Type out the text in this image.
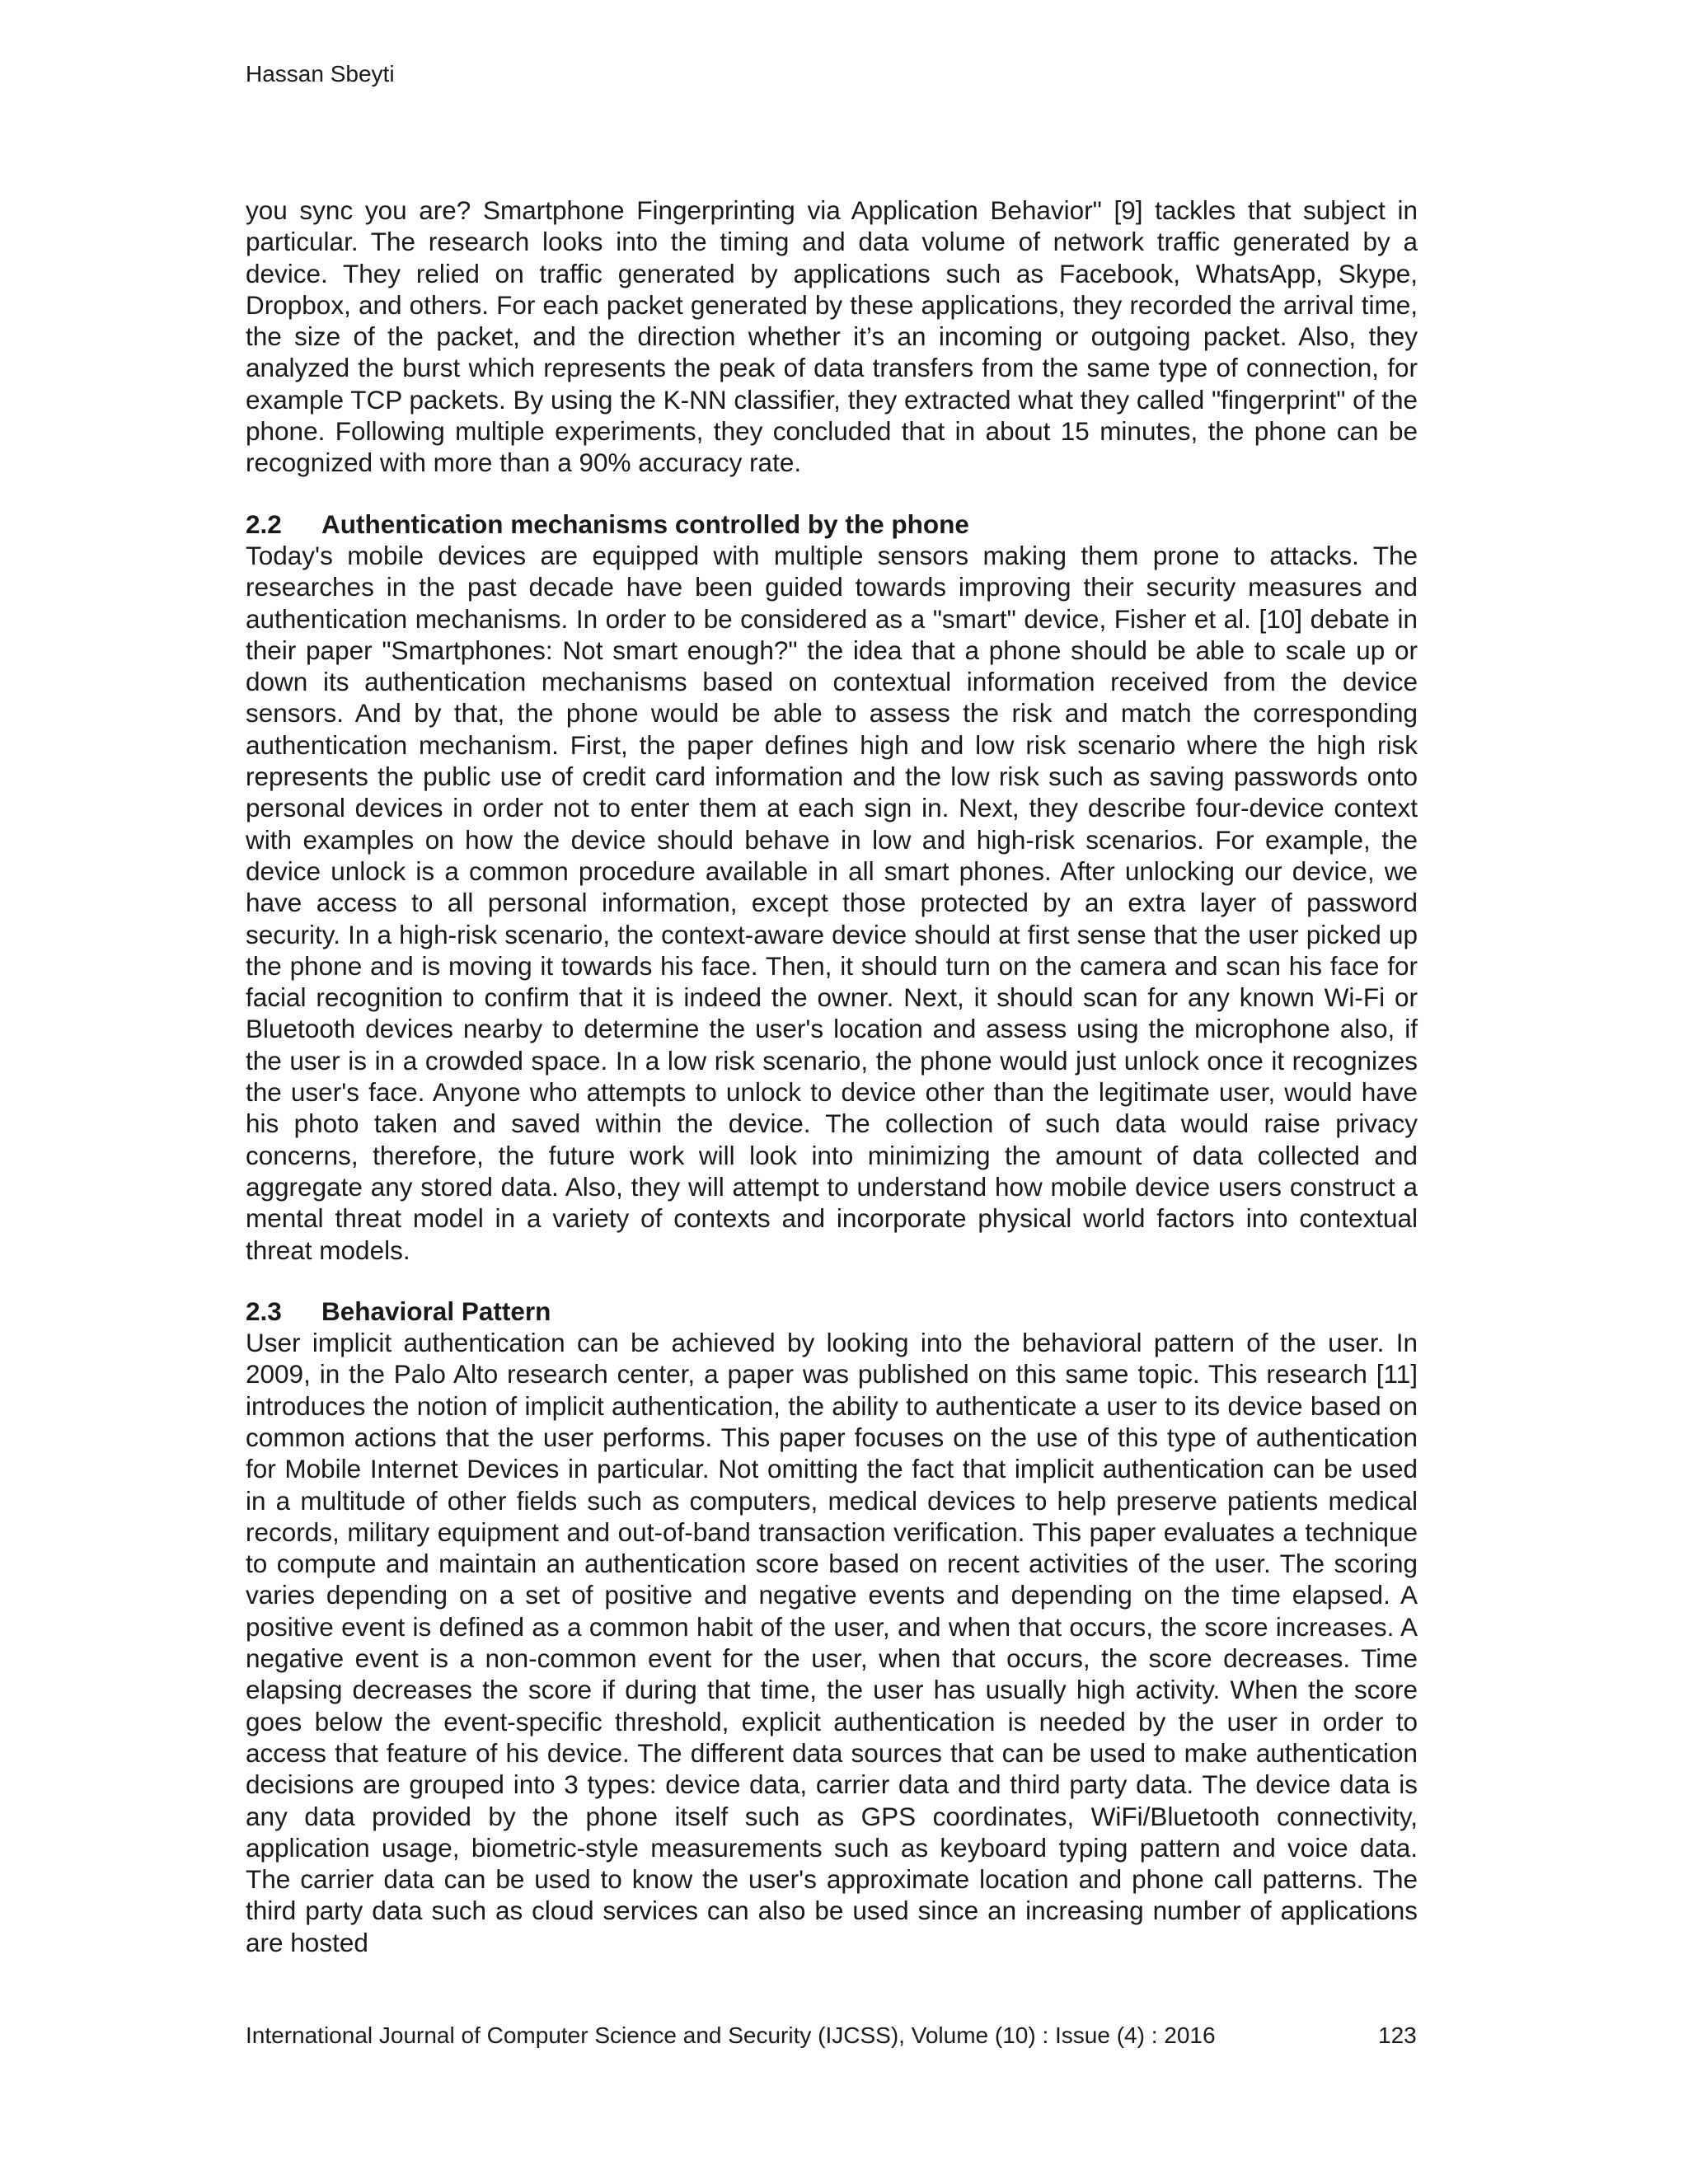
Hassan Sbeyti

you sync you are? Smartphone Fingerprinting via Application Behavior" [9] tackles that subject in particular. The research looks into the timing and data volume of network traffic generated by a device. They relied on traffic generated by applications such as Facebook, WhatsApp, Skype, Dropbox, and others. For each packet generated by these applications, they recorded the arrival time, the size of the packet, and the direction whether it’s an incoming or outgoing packet. Also, they analyzed the burst which represents the peak of data transfers from the same type of connection, for example TCP packets. By using the K-NN classifier, they extracted what they called "fingerprint" of the phone. Following multiple experiments, they concluded that in about 15 minutes, the phone can be recognized with more than a 90% accuracy rate.

2.2 Authentication mechanisms controlled by the phone

Today's mobile devices are equipped with multiple sensors making them prone to attacks. The researches in the past decade have been guided towards improving their security measures and authentication mechanisms. In order to be considered as a "smart" device, Fisher et al. [10] debate in their paper "Smartphones: Not smart enough?" the idea that a phone should be able to scale up or down its authentication mechanisms based on contextual information received from the device sensors. And by that, the phone would be able to assess the risk and match the corresponding authentication mechanism. First, the paper defines high and low risk scenario where the high risk represents the public use of credit card information and the low risk such as saving passwords onto personal devices in order not to enter them at each sign in. Next, they describe four-device context with examples on how the device should behave in low and high-risk scenarios. For example, the device unlock is a common procedure available in all smart phones. After unlocking our device, we have access to all personal information, except those protected by an extra layer of password security. In a high-risk scenario, the context-aware device should at first sense that the user picked up the phone and is moving it towards his face. Then, it should turn on the camera and scan his face for facial recognition to confirm that it is indeed the owner. Next, it should scan for any known Wi-Fi or Bluetooth devices nearby to determine the user's location and assess using the microphone also, if the user is in a crowded space. In a low risk scenario, the phone would just unlock once it recognizes the user's face. Anyone who attempts to unlock to device other than the legitimate user, would have his photo taken and saved within the device. The collection of such data would raise privacy concerns, therefore, the future work will look into minimizing the amount of data collected and aggregate any stored data. Also, they will attempt to understand how mobile device users construct a mental threat model in a variety of contexts and incorporate physical world factors into contextual threat models.

2.3 Behavioral Pattern

User implicit authentication can be achieved by looking into the behavioral pattern of the user. In 2009, in the Palo Alto research center, a paper was published on this same topic. This research [11] introduces the notion of implicit authentication, the ability to authenticate a user to its device based on common actions that the user performs. This paper focuses on the use of this type of authentication for Mobile Internet Devices in particular. Not omitting the fact that implicit authentication can be used in a multitude of other fields such as computers, medical devices to help preserve patients medical records, military equipment and out-of-band transaction verification. This paper evaluates a technique to compute and maintain an authentication score based on recent activities of the user. The scoring varies depending on a set of positive and negative events and depending on the time elapsed. A positive event is defined as a common habit of the user, and when that occurs, the score increases. A negative event is a non-common event for the user, when that occurs, the score decreases. Time elapsing decreases the score if during that time, the user has usually high activity. When the score goes below the event-specific threshold, explicit authentication is needed by the user in order to access that feature of his device. The different data sources that can be used to make authentication decisions are grouped into 3 types: device data, carrier data and third party data. The device data is any data provided by the phone itself such as GPS coordinates, WiFi/Bluetooth connectivity, application usage, biometric-style measurements such as keyboard typing pattern and voice data. The carrier data can be used to know the user's approximate location and phone call patterns. The third party data such as cloud services can also be used since an increasing number of applications are hosted

International Journal of Computer Science and Security (IJCSS), Volume (10) : Issue (4) : 2016	123
